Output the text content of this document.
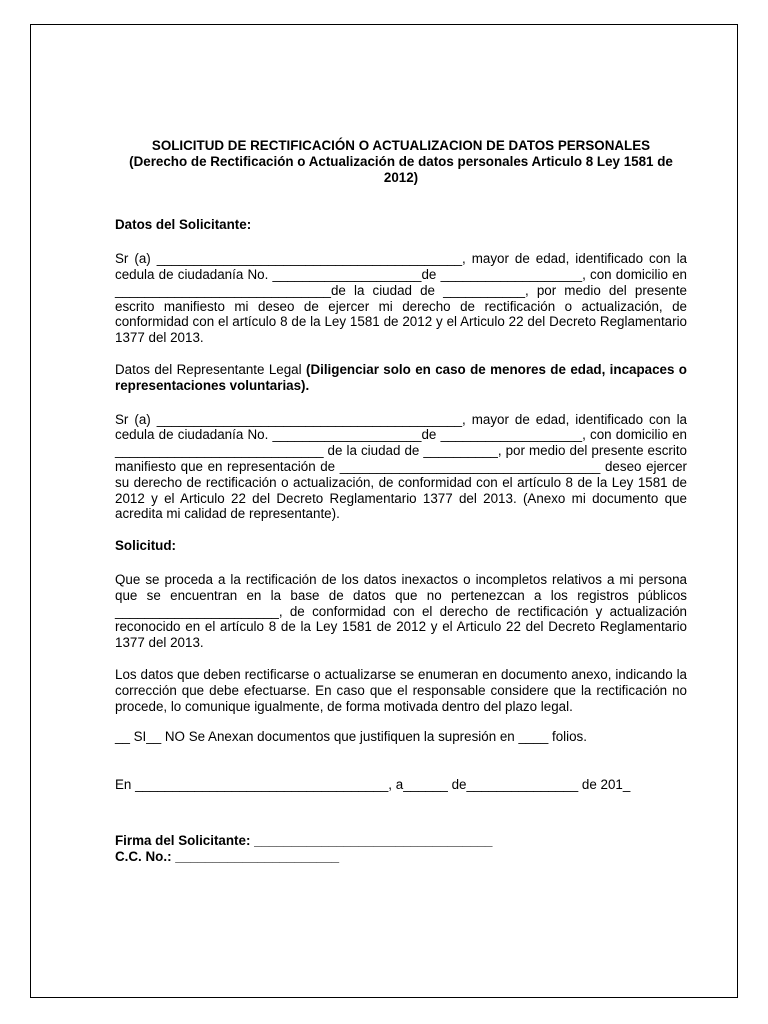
SOLICITUD DE RECTIFICACIÓN O ACTUALIZACION DE DATOS PERSONALES

(Derecho de Rectificación o Actualización de datos personales Articulo 8 Ley 1581 de 2012)

Datos del Solicitante:

Sr (a) _________________________________________, mayor de edad, identificado con la cedula de ciudadanía No. ____________________de ___________________, con domicilio en _____________________________de la ciudad de ___________, por medio del presente escrito manifiesto mi deseo de ejercer mi derecho de rectificación o actualización, de conformidad con el artículo 8 de la Ley 1581 de 2012 y el Articulo 22 del Decreto Reglamentario 1377 del 2013.

Datos del Representante Legal (Diligenciar solo en caso de menores de edad, incapaces o representaciones voluntarias).

Sr (a) _________________________________________, mayor de edad, identificado con la cedula de ciudadanía No. ____________________de ___________________, con domicilio en ____________________________ de la ciudad de __________, por medio del presente escrito manifiesto que en representación de ___________________________________ deseo ejercer su derecho de rectificación o actualización, de conformidad con el artículo 8 de la Ley 1581 de 2012 y el Articulo 22 del Decreto Reglamentario 1377 del 2013. (Anexo mi documento que acredita mi calidad de representante).

Solicitud:

Que se proceda a la rectificación de los datos inexactos o incompletos relativos a mi persona que se encuentran en la base de datos que no pertenezcan a los registros públicos ______________________, de conformidad con el derecho de rectificación y actualización reconocido en el artículo 8 de la Ley 1581 de 2012 y el Articulo 22 del Decreto Reglamentario 1377 del 2013.

Los datos que deben rectificarse o actualizarse se enumeran en documento anexo, indicando la corrección que debe efectuarse. En caso que el responsable considere que la rectificación no procede, lo comunique igualmente, de forma motivada dentro del plazo legal.

__ SI__ NO Se Anexan documentos que justifiquen la supresión en ____ folios.

En __________________________________, a______ de_______________ de 201_

Firma del Solicitante: ________________________________

C.C. No.: ______________________
